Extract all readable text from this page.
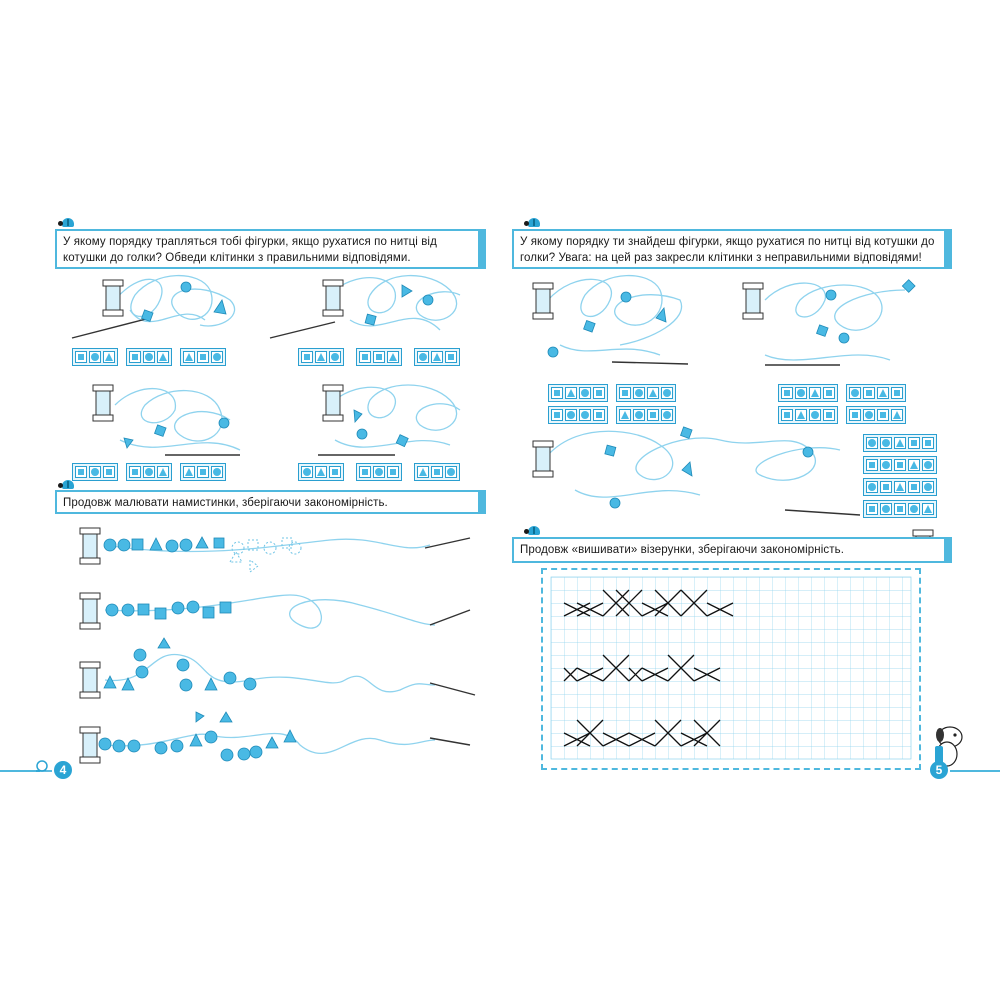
У якому порядку трапляться тобі фігурки, якщо рухатися по нитці від котушки до голки? Обведи клітинки з правильними відповідями.
Продовж малювати намистинки, зберігаючи закономірність.
4
У якому порядку ти знайдеш фігурки, якщо рухатися по нитці від котушки до голки? Увага: на цей раз закресли клітинки з неправильними відповідями!
Продовж «вишивати» візерунки, зберігаючи закономірність.
5
